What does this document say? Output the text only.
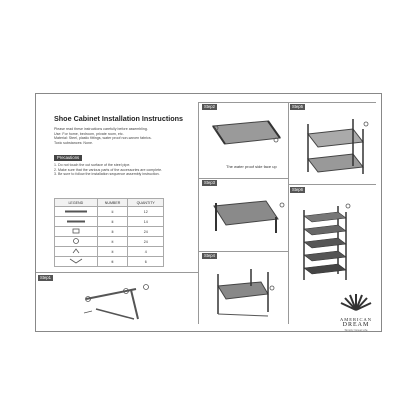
Shoe Cabinet Installation Instructions
Please read these instructions carefully before assembling.
Use: For home, bedroom, private room, etc.
Material: Steel, plastic fittings, water proof non-woven fabrics.
Toxic substances: None.
Precautions
1. Do not touch the cut surface of the steel pipe.
2. Make sure that the various parts of the accessories are complete.
3. Be sure to follow the installation sequence assembly instruction.
LEGEND	NUMBER	QUANTITY
	①	12
	②	14
	③	24
	④	24
	⑤	4
	⑥	6
Step1
Step2
Step3
Step4
Step5
Step6
The water proof side face up
AMERICAN
DREAM
Simply Great Life
